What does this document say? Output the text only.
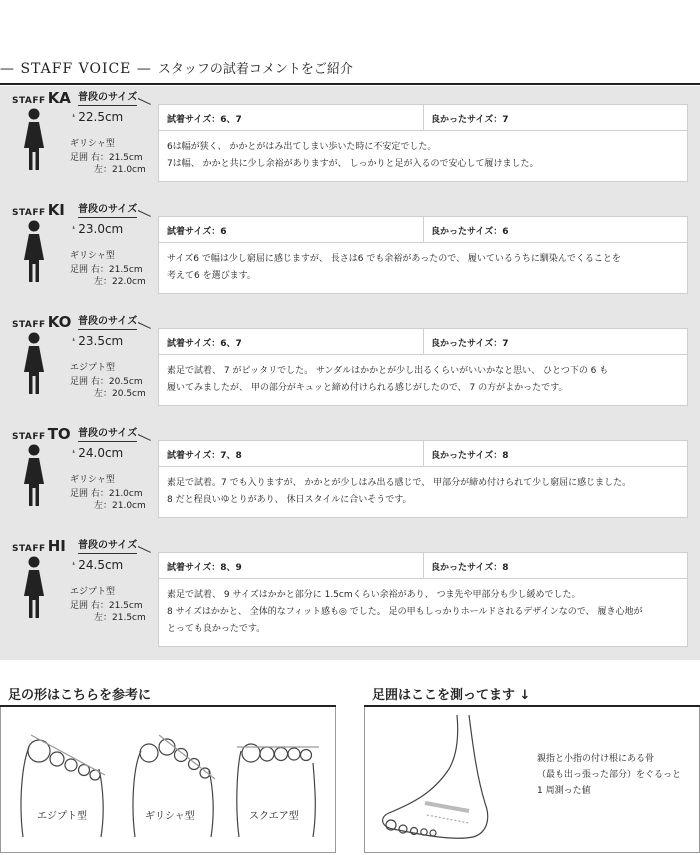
— STAFF VOICE — スタッフの試着コメントをご紹介
STAFF KA 普段のサイズ
❛ 22.5cm
ギリシャ型
足囲 右：21.5cm
左：21.0cm
試着サイズ：6、7	良かったサイズ：7

6は幅が狭く、 かかとがはみ出てしまい歩いた時に不安定でした。

7は幅、 かかと共に少し余裕がありますが、 しっかりと足が入るので安心して履けました。

STAFF KI 普段のサイズ
❛ 23.0cm
ギリシャ型
足囲 右：21.5cm
左：22.0cm
試着サイズ：6	良かったサイズ：6

サイズ6 で幅は少し窮屈に感じますが、 長さは6 でも余裕があったので、 履いているうちに馴染んでくることを

考えて6 を選びます。

STAFF KO 普段のサイズ
❛ 23.5cm
エジプト型
足囲 右：20.5cm
左：20.5cm
試着サイズ：6、7	良かったサイズ：7

素足で試着、 7 がピッタリでした。 サンダルはかかとが少し出るくらいがいいかなと思い、 ひとつ下の 6 も

履いてみましたが、 甲の部分がキュッと締め付けられる感じがしたので、 7 の方がよかったです。

STAFF TO 普段のサイズ
❛ 24.0cm
ギリシャ型
足囲 右：21.0cm
左：21.0cm
試着サイズ：7、8	良かったサイズ：8

素足で試着。7 でも入りますが、 かかとが少しはみ出る感じで、 甲部分が締め付けられて少し窮屈に感じました。

8 だと程良いゆとりがあり、 休日スタイルに合いそうです。

STAFF HI 普段のサイズ
❛ 24.5cm
エジプト型
足囲 右：21.5cm
左：21.5cm
試着サイズ：8、9	良かったサイズ：8

素足で試着、 9 サイズはかかと部分に 1.5cmくらい余裕があり、 つま先や甲部分も少し緩めでした。

8 サイズはかかと、 全体的なフィット感も◎ でした。 足の甲もしっかりホールドされるデザインなので、 履き心地が

とっても良かったです。

足の形はこちらを参考に
エジプト型	ギリシャ型	スクエア型
足囲はここを測ってます ↓
親指と小指の付け根にある骨
（最も出っ張った部分）をぐるっと
1 周測った値
